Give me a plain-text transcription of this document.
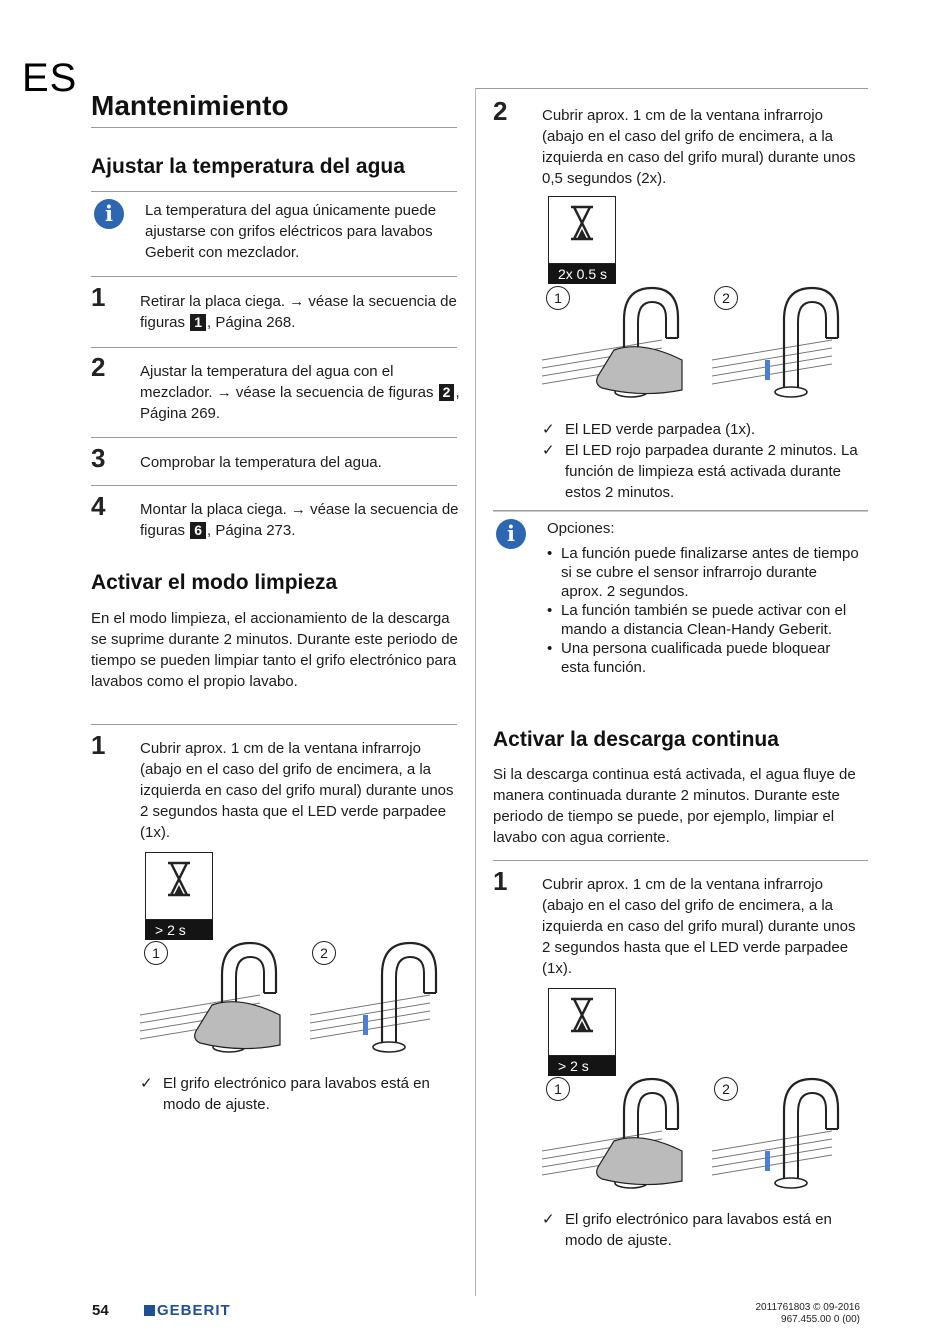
ES
Mantenimiento
Ajustar la temperatura del agua
i	La temperatura del agua únicamente puede ajustarse con grifos eléctricos para lavabos Geberit con mezclador.
1 Retirar la placa ciega. → véase la secuencia de figuras 1 , Página 268.
2 Ajustar la temperatura del agua con el mezclador. → véase la secuencia de figuras 2 , Página 269.
3 Comprobar la temperatura del agua.
4 Montar la placa ciega. → véase la secuencia de figuras 6 , Página 273.
Activar el modo limpieza
En el modo limpieza, el accionamiento de la descarga se suprime durante 2 minutos. Durante este periodo de tiempo se pueden limpiar tanto el grifo electrónico para lavabos como el propio lavabo.
1 Cubrir aprox. 1 cm de la ventana infrarrojo (abajo en el caso del grifo de encimera, a la izquierda en caso del grifo mural) durante unos 2 segundos hasta que el LED verde parpadee (1x).
> 2 s
1	2
✓ El grifo electrónico para lavabos está en modo de ajuste.
2 Cubrir aprox. 1 cm de la ventana infrarrojo (abajo en el caso del grifo de encimera, a la izquierda en caso del grifo mural) durante unos 0,5 segundos (2x).
2x 0.5 s
1	2
✓ El LED verde parpadea (1x).
✓ El LED rojo parpadea durante 2 minutos. La función de limpieza está activada durante estos 2 minutos.
i	Opciones:
• La función puede finalizarse antes de tiempo si se cubre el sensor infrarrojo durante aprox. 2 segundos.
• La función también se puede activar con el mando a distancia Clean-Handy Geberit.
• Una persona cualificada puede bloquear esta función.
Activar la descarga continua
Si la descarga continua está activada, el agua fluye de manera continuada durante 2 minutos. Durante este periodo de tiempo se puede, por ejemplo, limpiar el lavabo con agua corriente.
1 Cubrir aprox. 1 cm de la ventana infrarrojo (abajo en el caso del grifo de encimera, a la izquierda en caso del grifo mural) durante unos 2 segundos hasta que el LED verde parpadee (1x).
> 2 s
1	2
✓ El grifo electrónico para lavabos está en modo de ajuste.
54	GEBERIT	2011761803 © 09-2016
967.455.00 0 (00)
